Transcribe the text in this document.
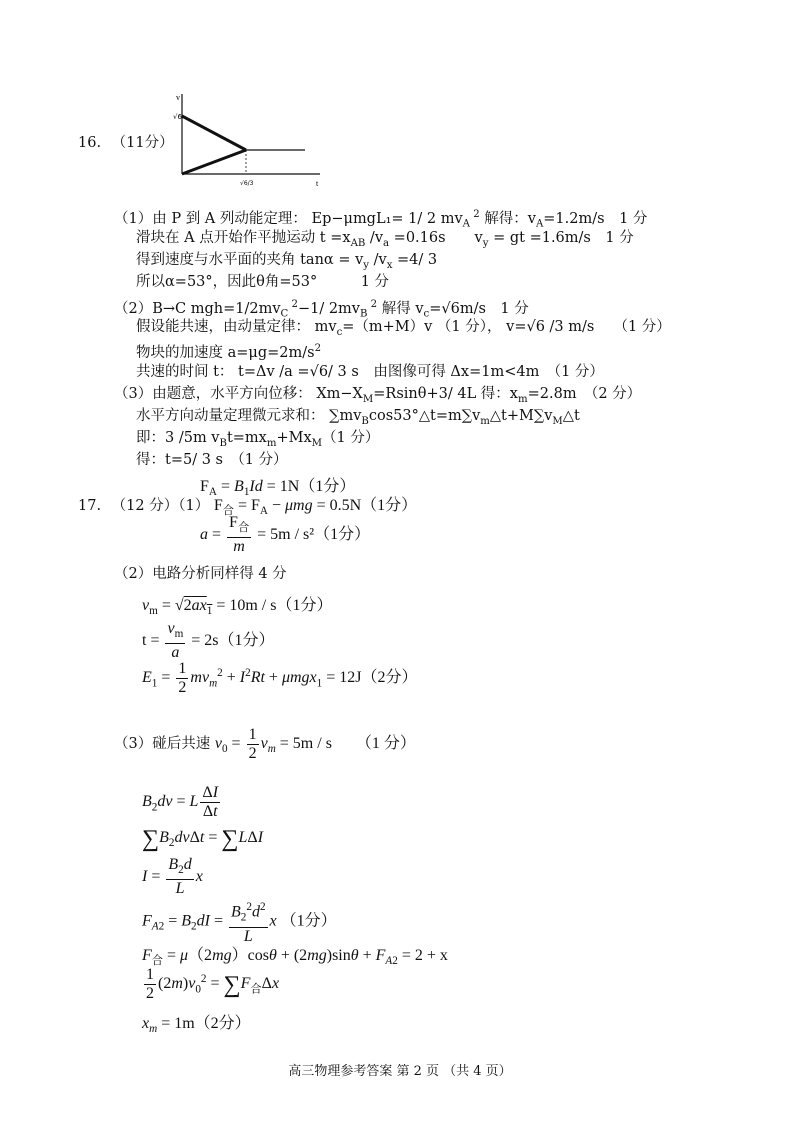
v
√6
t
√6/3
16. （11分）
（1）由 P 到 A 列动能定理： Ep−μmgL₁= 1/ 2 $mv_A$ $^2$ 解得：$v_A=1.2m/s$　1 分
滑块在 A 点开始作平抛运动 $t =x_{AB}$ $/v_a =0.16s$　　$v_y$ = gt =1.6m/s　1 分
得到速度与水平面的夹角 $\tan\alpha = v_y$ $/v_x =4/$ 3
所以α=53°，因此θ角=53°　　　1 分
（2）B→C $mgh=1/2mv_C$ $^2$−1/ $2mv_B$ $^2$ 解得 $v_c=√6m/s$　1 分
假设能共速，由动量定律： $mv_c=(m+M)v$ （1 分）， v=√6 /3 m/s　 （1 分）
物块的加速度 $a=\mu g=2m/s^2$
共速的时间 t： t=Δv /a =√6/ 3 s　由图像可得 Δx=1m<4m　（1 分）
（3）由题意，水平方向位移： $Xm-X_M=Rsin\theta+3/$ 4L 得：$x_m=2.8m$　（2 分）
水平方向动量定理微元求和： $\sum mv_B\cos 53^\circ\triangle t=m\sum v_m\triangle t+M\sum v_M\triangle t$
即：3 /5m $v_Bt=mx_m+Mx_M(1$ 分）
得：t=5/ 3 s　（1 分）
$F_A = B_1Id = 1N(1$分）
17. （12 分）（1） $F_合 = F_A - \mu mg = 0.5N(1$分）
$a = \frac{F_合}{m} = 5m / s^2(1$分）
（2）电路分析同样得 4 分
$v_m = √2ax_1 = 10m / s(1$分）
$t = \frac{v_m}{a} = 2s(1$分）
$E_1 = \frac{1}{2} mv_m^2 + I^2Rt + \mu mgx_1 = 12J(2$分）
（3）碰后共速 $v_0 = \frac{1}{2} v_m = 5m / s$　　（1 分）
$B_2dv = L \frac{\Delta I}{\Delta t}$
$\sum B_2dv\Delta t = \sum L\Delta I$
$I = \frac{B_2d}{L}$ x
$F_{A2} = B_2dI = \frac{B_2^2d^2}{L}$ x （1分）
$F_合 = \mu(2mg)\cos\theta + (2mg)\sin\theta + F_{A2} = 2 + x$
$\frac{1}{2} (2m)v_0^2 = \sum F_合\Delta x$
$x_m = 1m(2$分）
高三物理参考答案 第 2 页 （共 4 页）
